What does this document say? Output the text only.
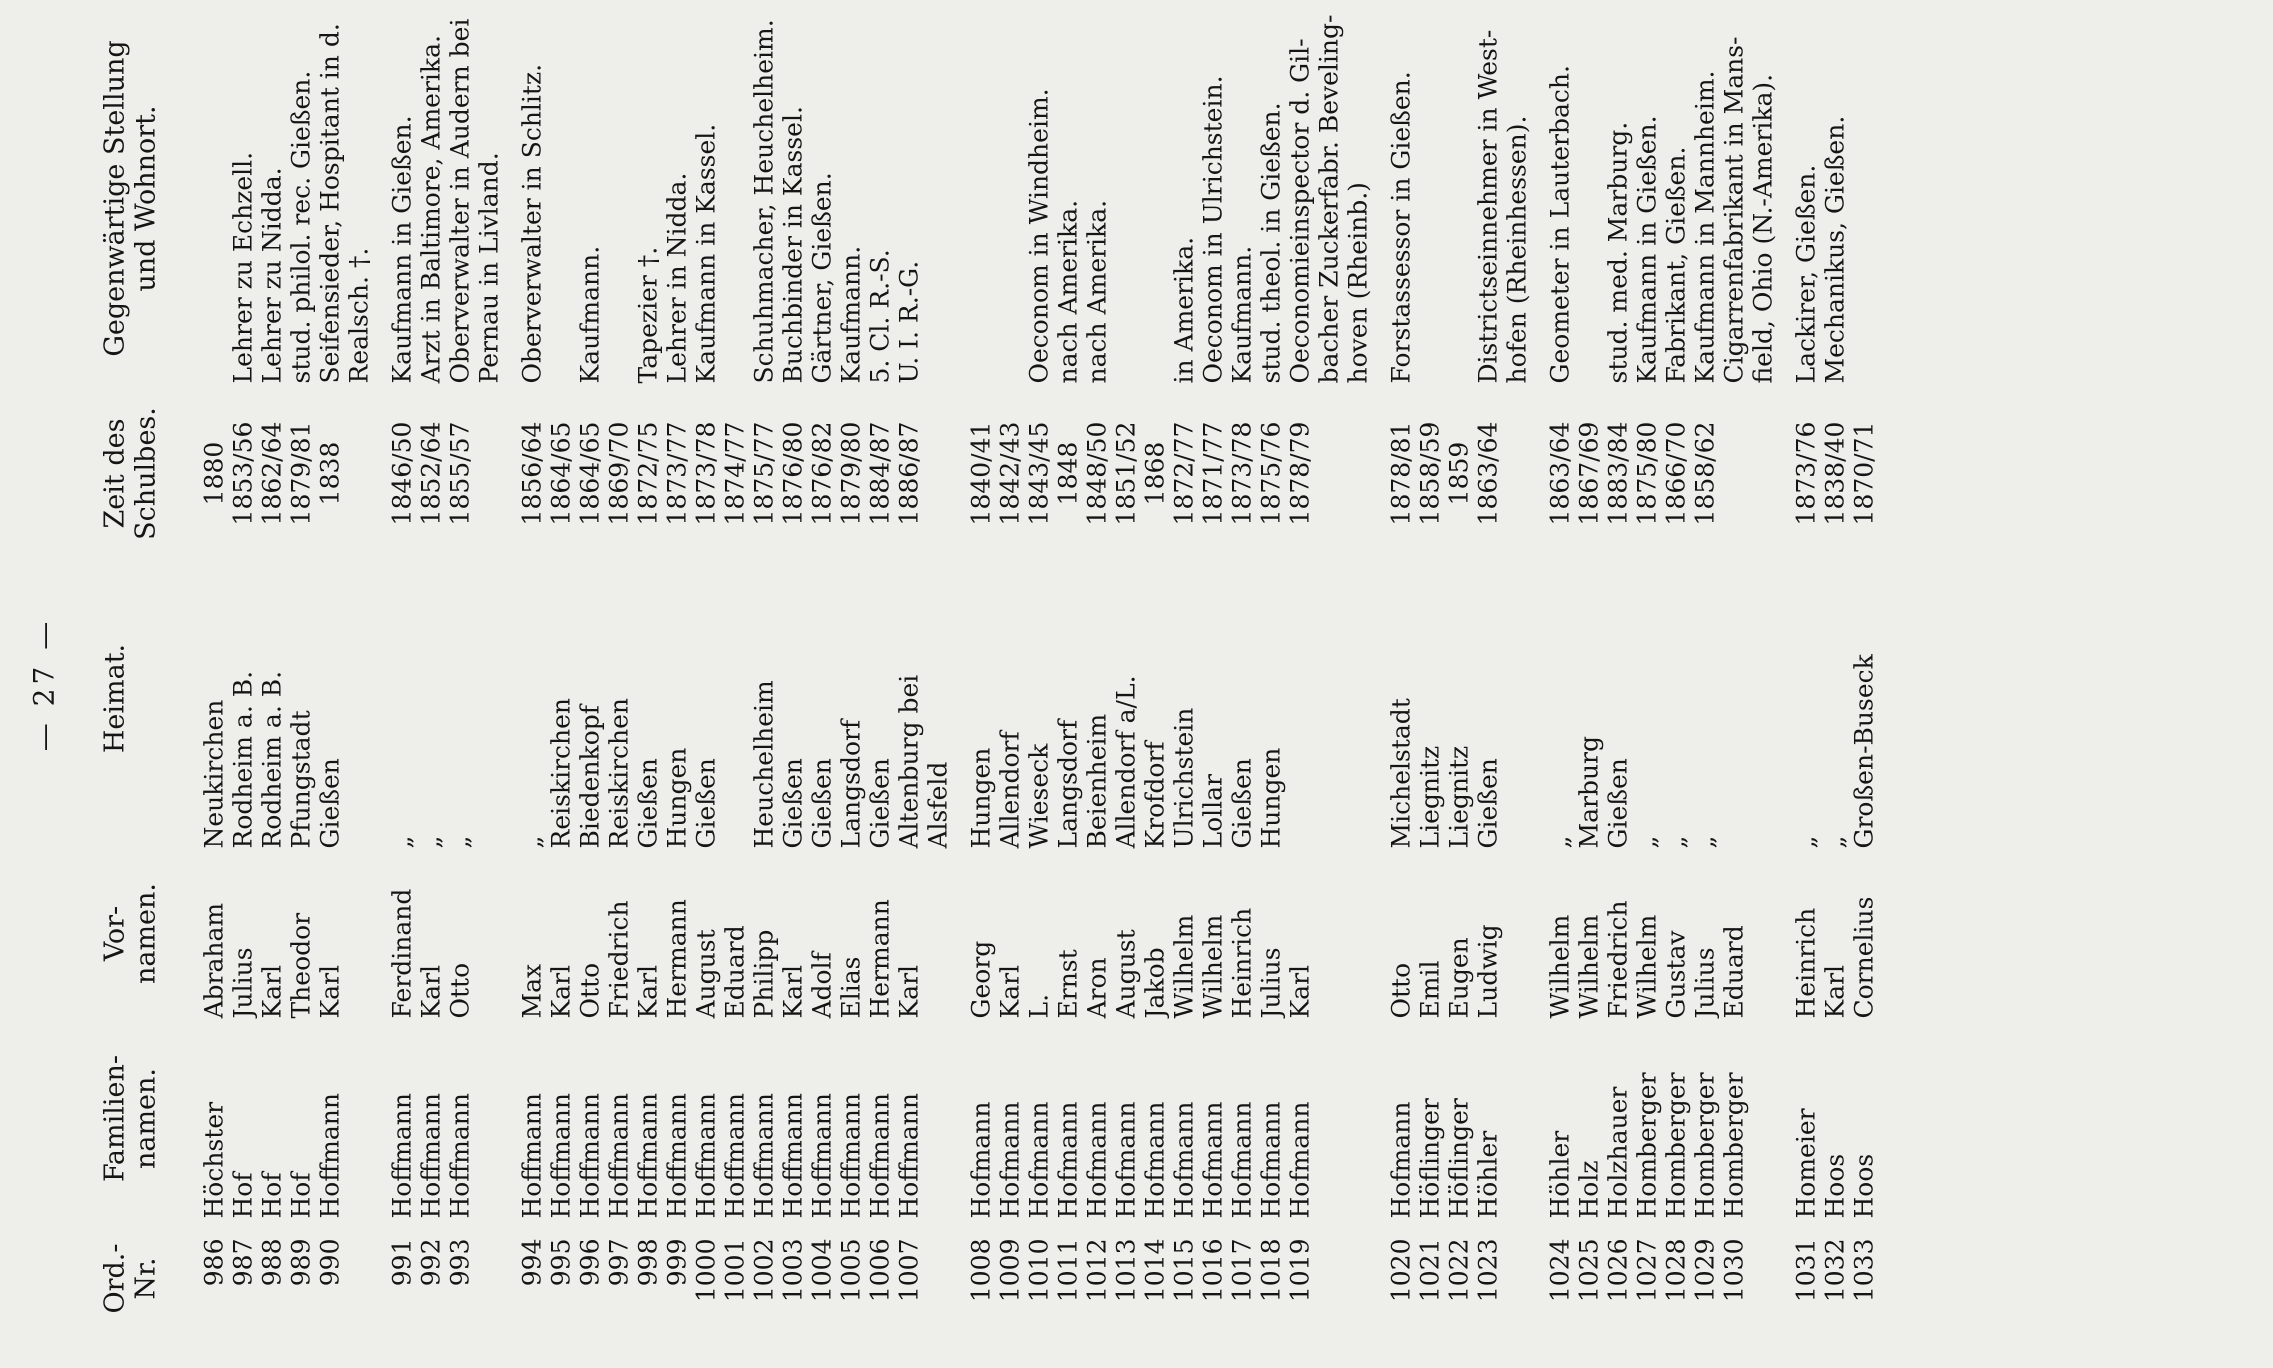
— 27 —
Ord.-
Nr.
Familien-
namen.
Vor-
namen.
Heimat.
Zeit des
Schulbes.
Gegenwärtige Stellung
und Wohnort.
986
Höchster
Abraham
Neukirchen
1880
987
Hof
Julius
Rodheim a. B.
1853/56
Lehrer zu Echzell.
988
Hof
Karl
Rodheim a. B.
1862/64
Lehrer zu Nidda.
989
Hof
Theodor
Pfungstadt
1879/81
stud. philol. rec. Gießen.
990
Hoffmann
Karl
Gießen
1838
Seifensieder, Hospitant in d. Realsch. †.
991
Hoffmann
Ferdinand
„
1846/50
Kaufmann in Gießen.
992
Hoffmann
Karl
„
1852/64
Arzt in Baltimore, Amerika.
993
Hoffmann
Otto
„
1855/57
Oberverwalter in Audern bei Pernau in Livland.
994
Hoffmann
Max
„
1856/64
Oberverwalter in Schlitz.
995
Hoffmann
Karl
Reiskirchen
1864/65
996
Hoffmann
Otto
Biedenkopf
1864/65
Kaufmann.
997
Hoffmann
Friedrich
Reiskirchen
1869/70
998
Hoffmann
Karl
Gießen
1872/75
Tapezier †.
999
Hoffmann
Hermann
Hungen
1873/77
Lehrer in Nidda.
1000
Hoffmann
August
Gießen
1873/78
Kaufmann in Kassel.
1001
Hoffmann
Eduard
1874/77
1002
Hoffmann
Philipp
Heuchelheim
1875/77
Schuhmacher, Heuchelheim.
1003
Hoffmann
Karl
Gießen
1876/80
Buchbinder in Kassel.
1004
Hoffmann
Adolf
Gießen
1876/82
Gärtner, Gießen.
1005
Hoffmann
Elias
Langsdorf
1879/80
Kaufmann.
1006
Hoffmann
Hermann
Gießen
1884/87
5. Cl. R.-S.
1007
Hoffmann
Karl
Altenburg bei
1886/87
U. I. R.-G.
Alsfeld
1008
Hofmann
Georg
Hungen
1840/41
1009
Hofmann
Karl
Allendorf
1842/43
1010
Hofmann
L.
Wieseck
1843/45
Oeconom in Windheim.
1011
Hofmann
Ernst
Langsdorf
1848
nach Amerika.
1012
Hofmann
Aron
Beienheim
1848/50
nach Amerika.
1013
Hofmann
August
Allendorf a/L.
1851/52
1014
Hofmann
Jakob
Krofdorf
1868
1015
Hofmann
Wilhelm
Ulrichstein
1872/77
in Amerika.
1016
Hofmann
Wilhelm
Lollar
1871/77
Oeconom in Ulrichstein.
1017
Hofmann
Heinrich
Gießen
1873/78
Kaufmann.
1018
Hofmann
Julius
Hungen
1875/76
stud. theol. in Gießen.
1019
Hofmann
Karl
1878/79
Oeconomieinspector d. Gil- bacher Zuckerfabr. Beveling- hoven (Rheinb.)
1020
Hofmann
Otto
Michelstadt
1878/81
Forstassessor in Gießen.
1021
Höflinger
Emil
Liegnitz
1858/59
1022
Höflinger
Eugen
Liegnitz
1859
1023
Höhler
Ludwig
Gießen
1863/64
Districtseinnehmer in West- hofen (Rheinhessen).
1024
Höhler
Wilhelm
„
1863/64
Geometer in Lauterbach.
1025
Holz
Wilhelm
Marburg
1867/69
1026
Holzhauer
Friedrich
Gießen
1883/84
stud. med. Marburg.
1027
Homberger
Wilhelm
„
1875/80
Kaufmann in Gießen.
1028
Homberger
Gustav
„
1866/70
Fabrikant, Gießen.
1029
Homberger
Julius
„
1858/62
Kaufmann in Mannheim.
1030
Homberger
Eduard
Cigarrenfabrikant in Mans- field, Ohio (N.-Amerika).
1031
Homeier
Heinrich
„
1873/76
Lackirer, Gießen.
1032
Hoos
Karl
„
1838/40
Mechanikus, Gießen.
1033
Hoos
Cornelius
Großen-Buseck
1870/71
